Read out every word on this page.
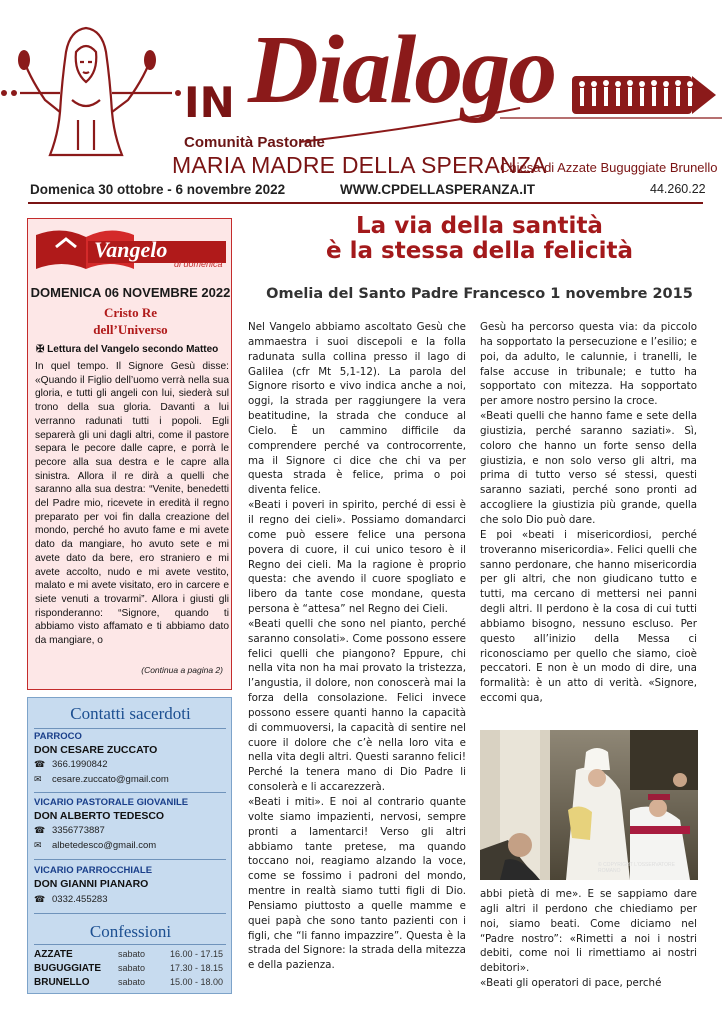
IN Dialogo
Comunità Pastorale
MARIA MADRE DELLA SPERANZA
Chiesa di Azzate Buguggiate Brunello
Domenica 30 ottobre - 6 novembre 2022	WWW.CPDELLASPERANZA.IT	44.260.22
Vangelo
di domenica
DOMENICA 06 NOVEMBRE 2022
Cristo Re
dell’Universo
✠ Lettura del Vangelo secondo Matteo
In quel tempo. Il Signore Gesù disse: «Quando il Figlio dell’uomo verrà nella sua gloria, e tutti gli angeli con lui, siederà sul trono della sua gloria. Davanti a lui verranno radunati tutti i popoli. Egli separerà gli uni dagli altri, come il pastore separa le pecore dalle capre, e porrà le pecore alla sua destra e le capre alla sinistra. Allora il re dirà a quelli che saranno alla sua destra: “Venite, benedetti del Padre mio, ricevete in eredità il regno preparato per voi fin dalla creazione del mondo, perché ho avuto fame e mi avete dato da mangiare, ho avuto sete e mi avete dato da bere, ero straniero e mi avete accolto, nudo e mi avete vestito, malato e mi avete visitato, ero in carcere e siete venuti a trovarmi”. Allora i giusti gli risponderanno: “Signore, quando ti abbiamo visto affamato e ti abbiamo dato da mangiare, o
(Continua a pagina 2)
Contatti sacerdoti
PARROCO
DON CESARE ZUCCATO
☎ 366.1990842
✉	cesare.zuccato@gmail.com
VICARIO PASTORALE GIOVANILE
DON ALBERTO TEDESCO
☎ 3356773887
✉	albetedesco@gmail.com
VICARIO PARROCCHIALE
DON GIANNI PIANARO
☎ 0332.455283
Confessioni
AZZATE	sabato	16.00 - 17.15
BUGUGGIATE sabato	17.30 - 18.15
BRUNELLO	sabato	15.00 - 18.00
La via della santità
è la stessa della felicità
Omelia del Santo Padre Francesco 1 novembre 2015

Nel Vangelo abbiamo ascoltato Gesù che ammaestra i suoi discepoli e la folla radunata sulla collina presso il lago di Galilea (cfr Mt 5,1-12). La parola del Signore risorto e vivo indica anche a noi, oggi, la strada per raggiungere la vera beatitudine, la strada che conduce al Cielo. È un cammino difficile da comprendere perché va controcorrente, ma il Signore ci dice che chi va per questa strada è felice, prima o poi diventa felice.

«Beati i poveri in spirito, perché di essi è il regno dei cieli». Possiamo domandarci come può essere felice una persona povera di cuore, il cui unico tesoro è il Regno dei cieli. Ma la ragione è proprio questa: che avendo il cuore spogliato e libero da tante cose mondane, questa persona è “attesa” nel Regno dei Cieli.

«Beati quelli che sono nel pianto, perché saranno consolati». Come possono essere felici quelli che piangono? Eppure, chi nella vita non ha mai provato la tristezza, l’angustia, il dolore, non conoscerà mai la forza della consolazione. Felici invece possono essere quanti hanno la capacità di commuoversi, la capacità di sentire nel cuore il dolore che c’è nella loro vita e nella vita degli altri. Questi saranno felici! Perché la tenera mano di Dio Padre li consolerà e li accarezzerà.

«Beati i miti». E noi al contrario quante volte siamo impazienti, nervosi, sempre pronti a lamentarci! Verso gli altri abbiamo tante pretese, ma quando toccano noi, reagiamo alzando la voce, come se fossimo i padroni del mondo, mentre in realtà siamo tutti figli di Dio. Pensiamo piuttosto a quelle mamme e quei papà che sono tanto pazienti con i figli, che “li fanno impazzire”. Questa è la strada del Signore: la strada della mitezza e della pazienza.

Gesù ha percorso questa via: da piccolo ha sopportato la persecuzione e l’esilio; e poi, da adulto, le calunnie, i tranelli, le false accuse in tribunale; e tutto ha sopportato con mitezza. Ha sopportato per amore nostro persino la croce.

«Beati quelli che hanno fame e sete della giustizia, perché saranno saziati». Sì, coloro che hanno un forte senso della giustizia, e non solo verso gli altri, ma prima di tutto verso sé stessi, questi saranno saziati, perché sono pronti ad accogliere la giustizia più grande, quella che solo Dio può dare.

E poi «beati i misericordiosi, perché troveranno misericordia». Felici quelli che sanno perdonare, che hanno misericordia per gli altri, che non giudicano tutto e tutti, ma cercano di mettersi nei panni degli altri. Il perdono è la cosa di cui tutti abbiamo bisogno, nessuno escluso. Per questo all’inizio della Messa ci riconosciamo per quello che siamo, cioè peccatori. E non è un modo di dire, una formalità: è un atto di verità. «Signore, eccomi qua,

© COPYRIGHT L'OSSERVATORE ROMANO

abbi pietà di me». E se sappiamo dare agli altri il perdono che chiediamo per noi, siamo beati. Come diciamo nel “Padre nostro”: «Rimetti a noi i nostri debiti, come noi li rimettiamo ai nostri debitori».

«Beati gli operatori di pace, perché
